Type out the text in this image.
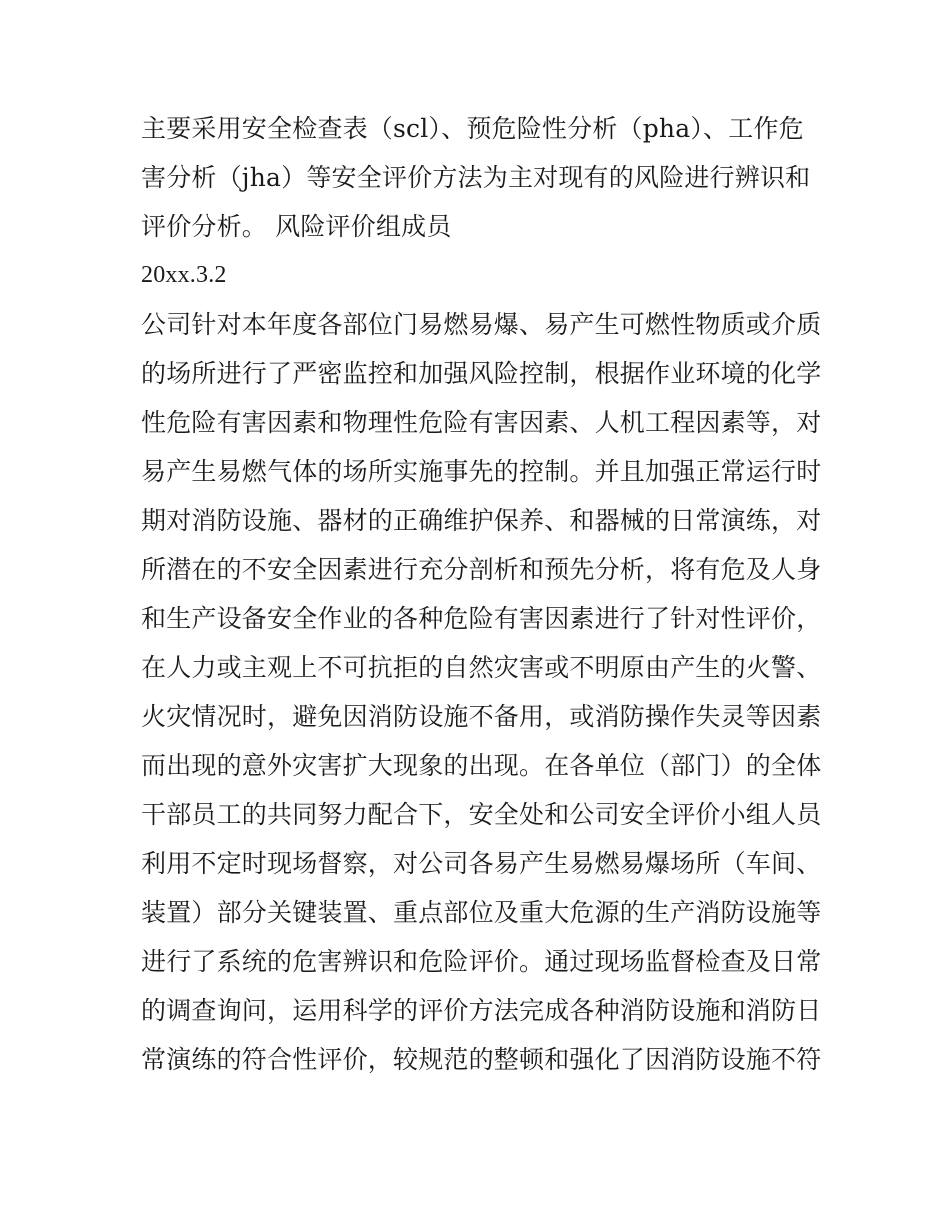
主要采用安全检查表（scl）、预危险性分析（pha）、工作危
害分析（jha）等安全评价方法为主对现有的风险进行辨识和
评价分析。 风险评价组成员
20xx.3.2
公司针对本年度各部位门易燃易爆、易产生可燃性物质或介质
的场所进行了严密监控和加强风险控制，根据作业环境的化学
性危险有害因素和物理性危险有害因素、人机工程因素等，对
易产生易燃气体的场所实施事先的控制。并且加强正常运行时
期对消防设施、器材的正确维护保养、和器械的日常演练，对
所潜在的不安全因素进行充分剖析和预先分析，将有危及人身
和生产设备安全作业的各种危险有害因素进行了针对性评价，
在人力或主观上不可抗拒的自然灾害或不明原由产生的火警、
火灾情况时，避免因消防设施不备用，或消防操作失灵等因素
而出现的意外灾害扩大现象的出现。在各单位（部门）的全体
干部员工的共同努力配合下，安全处和公司安全评价小组人员
利用不定时现场督察，对公司各易产生易燃易爆场所（车间、
装置）部分关键装置、重点部位及重大危源的生产消防设施等
进行了系统的危害辨识和危险评价。通过现场监督检查及日常
的调查询问，运用科学的评价方法完成各种消防设施和消防日
常演练的符合性评价，较规范的整顿和强化了因消防设施不符
